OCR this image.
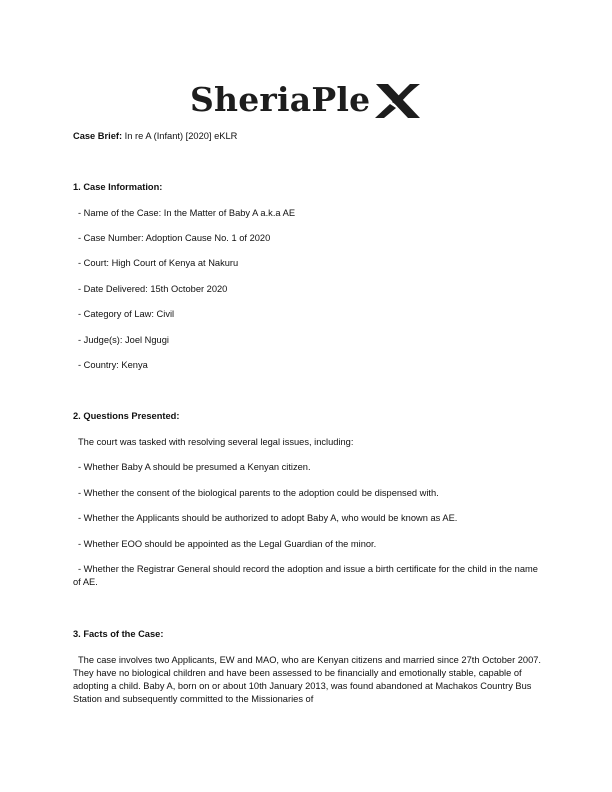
SheriaPle
Case Brief: In re A (Infant) [2020] eKLR
1. Case Information:
- Name of the Case: In the Matter of Baby A a.k.a AE
- Case Number: Adoption Cause No. 1 of 2020
- Court: High Court of Kenya at Nakuru
- Date Delivered: 15th October 2020
- Category of Law: Civil
- Judge(s): Joel Ngugi
- Country: Kenya
2. Questions Presented:
The court was tasked with resolving several legal issues, including:
- Whether Baby A should be presumed a Kenyan citizen.
- Whether the consent of the biological parents to the adoption could be dispensed with.
- Whether the Applicants should be authorized to adopt Baby A, who would be known as AE.
- Whether EOO should be appointed as the Legal Guardian of the minor.
- Whether the Registrar General should record the adoption and issue a birth certificate for the child in the name of AE.
3. Facts of the Case:
The case involves two Applicants, EW and MAO, who are Kenyan citizens and married since 27th October 2007. They have no biological children and have been assessed to be financially and emotionally stable, capable of adopting a child. Baby A, born on or about 10th January 2013, was found abandoned at Machakos Country Bus Station and subsequently committed to the Missionaries of
